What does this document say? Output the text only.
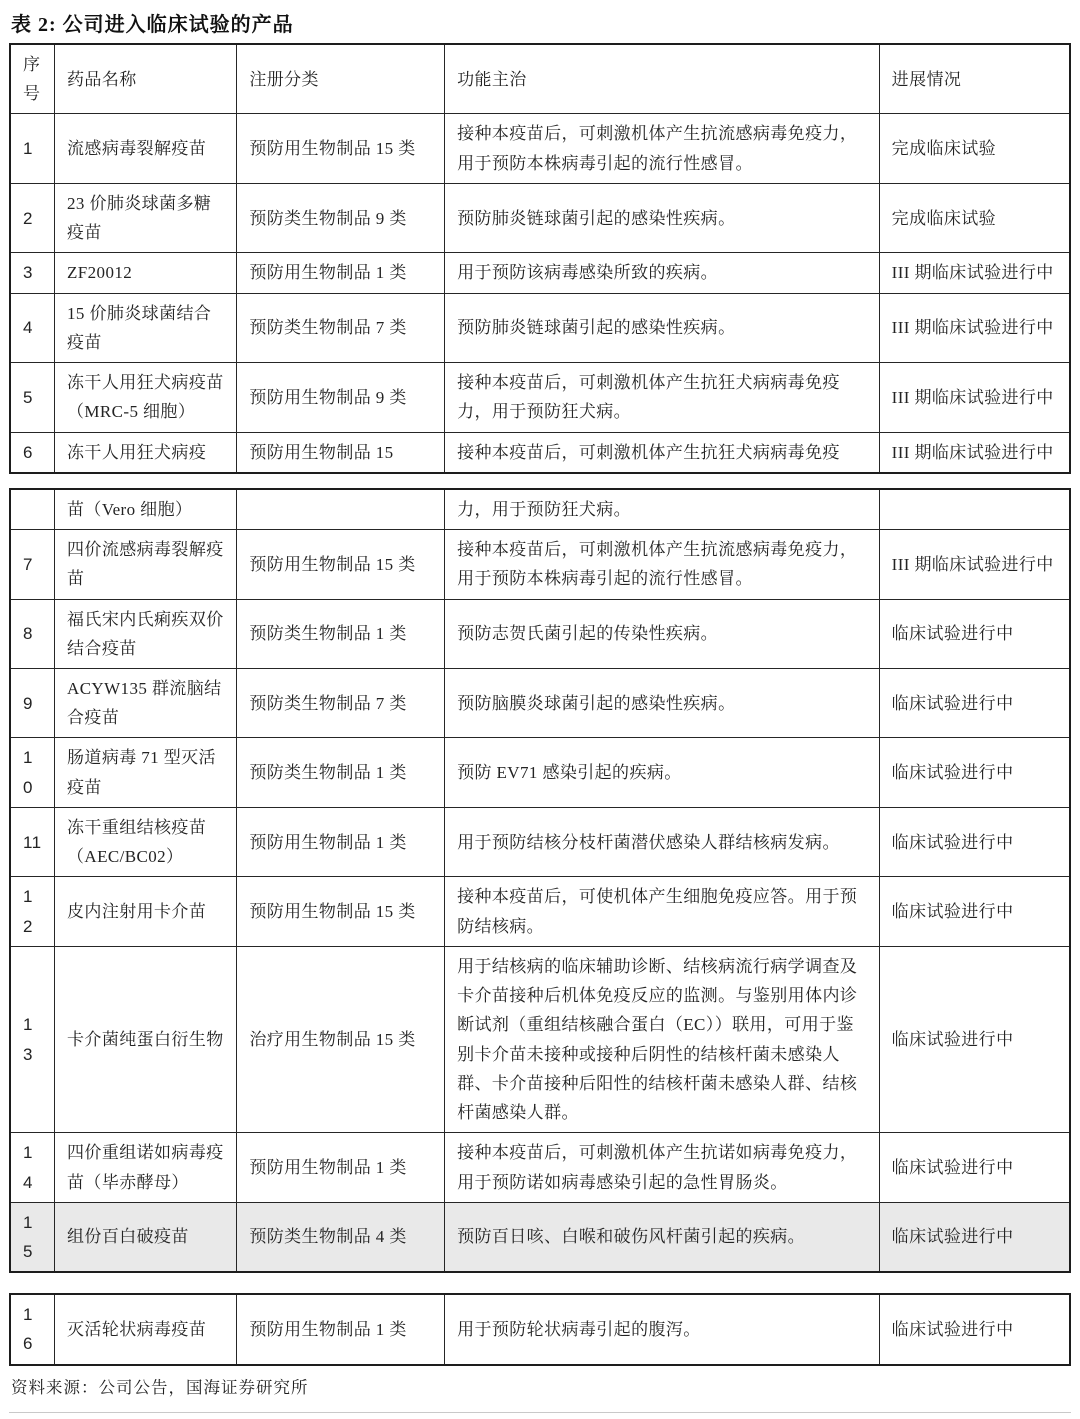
表 2: 公司进入临床试验的产品
序号	药品名称	注册分类	功能主治	进展情况
1	流感病毒裂解疫苗	预防用生物制品 15 类	接种本疫苗后，可刺激机体产生抗流感病毒免疫力，用于预防本株病毒引起的流行性感冒。	完成临床试验
2	23 价肺炎球菌多糖疫苗	预防类生物制品 9 类	预防肺炎链球菌引起的感染性疾病。	完成临床试验
3	ZF20012	预防用生物制品 1 类	用于预防该病毒感染所致的疾病。	III 期临床试验进行中
4	15 价肺炎球菌结合疫苗	预防类生物制品 7 类	预防肺炎链球菌引起的感染性疾病。	III 期临床试验进行中
5	冻干人用狂犬病疫苗（MRC-5 细胞）	预防用生物制品 9 类	接种本疫苗后，可刺激机体产生抗狂犬病病毒免疫力，用于预防狂犬病。	III 期临床试验进行中
6	冻干人用狂犬病疫	预防用生物制品 15	接种本疫苗后，可刺激机体产生抗狂犬病病毒免疫	III 期临床试验进行中
	苗（Vero 细胞）		力，用于预防狂犬病。	
7	四价流感病毒裂解疫苗	预防用生物制品 15 类	接种本疫苗后，可刺激机体产生抗流感病毒免疫力，用于预防本株病毒引起的流行性感冒。	III 期临床试验进行中
8	福氏宋内氏痢疾双价结合疫苗	预防类生物制品 1 类	预防志贺氏菌引起的传染性疾病。	临床试验进行中
9	ACYW135 群流脑结合疫苗	预防类生物制品 7 类	预防脑膜炎球菌引起的感染性疾病。	临床试验进行中
10	肠道病毒 71 型灭活疫苗	预防类生物制品 1 类	预防 EV71 感染引起的疾病。	临床试验进行中
11	冻干重组结核疫苗（AEC/BC02）	预防用生物制品 1 类	用于预防结核分枝杆菌潜伏感染人群结核病发病。	临床试验进行中
12	皮内注射用卡介苗	预防用生物制品 15 类	接种本疫苗后，可使机体产生细胞免疫应答。用于预防结核病。	临床试验进行中
13	卡介菌纯蛋白衍生物	治疗用生物制品 15 类	用于结核病的临床辅助诊断、结核病流行病学调查及卡介苗接种后机体免疫反应的监测。与鉴别用体内诊断试剂（重组结核融合蛋白（EC））联用，可用于鉴别卡介苗未接种或接种后阴性的结核杆菌未感染人群、卡介苗接种后阳性的结核杆菌未感染人群、结核杆菌感染人群。	临床试验进行中
14	四价重组诺如病毒疫苗（毕赤酵母）	预防用生物制品 1 类	接种本疫苗后，可刺激机体产生抗诺如病毒免疫力，用于预防诺如病毒感染引起的急性胃肠炎。	临床试验进行中
15	组份百白破疫苗	预防类生物制品 4 类	预防百日咳、白喉和破伤风杆菌引起的疾病。	临床试验进行中
16	灭活轮状病毒疫苗	预防用生物制品 1 类	用于预防轮状病毒引起的腹泻。	临床试验进行中
资料来源：公司公告，国海证券研究所
